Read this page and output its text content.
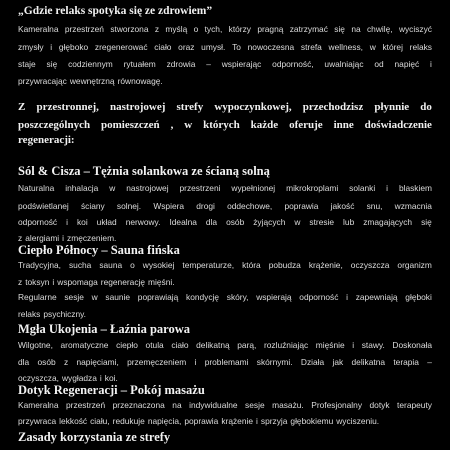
„Gdzie relaks spotyka się ze zdrowiem”
Kameralna przestrzeń stworzona z myślą o tych, którzy pragną zatrzymać się na chwilę, wyciszyć
zmysły i głęboko zregenerować ciało oraz umysł. To nowoczesna strefa wellness, w której relaks
staje się codziennym rytuałem zdrowia – wspierając odporność, uwalniając od napięć i
przywracając wewnętrzną równowagę.
Z przestronnej, nastrojowej strefy wypoczynkowej, przechodzisz płynnie do
poszczególnych pomieszczeń , w których każde oferuje inne doświadczenie
regeneracji:
Sól & Cisza – Tężnia solankowa ze ścianą solną
Naturalna inhalacja w nastrojowej przestrzeni wypełnionej mikrokroplami solanki i blaskiem
podświetlanej ściany solnej. Wspiera drogi oddechowe, poprawia jakość snu, wzmacnia
odporność i koi układ nerwowy. Idealna dla osób żyjących w stresie lub zmagających się
z alergiami i zmęczeniem.
Ciepło Północy – Sauna fińska
Tradycyjna, sucha sauna o wysokiej temperaturze, która pobudza krążenie, oczyszcza organizm
z toksyn i wspomaga regenerację mięśni.
Regularne sesje w saunie poprawiają kondycję skóry, wspierają odporność i zapewniają głęboki
relaks psychiczny.
Mgła Ukojenia – Łaźnia parowa
Wilgotne, aromatyczne ciepło otula ciało delikatną parą, rozluźniając mięśnie i stawy. Doskonała
dla osób z napięciami, przemęczeniem i problemami skórnymi. Działa jak delikatna terapia –
oczyszcza, wygładza i koi.
Dotyk Regeneracji – Pokój masażu
Kameralna przestrzeń przeznaczona na indywidualne sesje masażu. Profesjonalny dotyk terapeuty
przywraca lekkość ciału, redukuje napięcia, poprawia krążenie i sprzyja głębokiemu wyciszeniu.
Zasady korzystania ze strefy
